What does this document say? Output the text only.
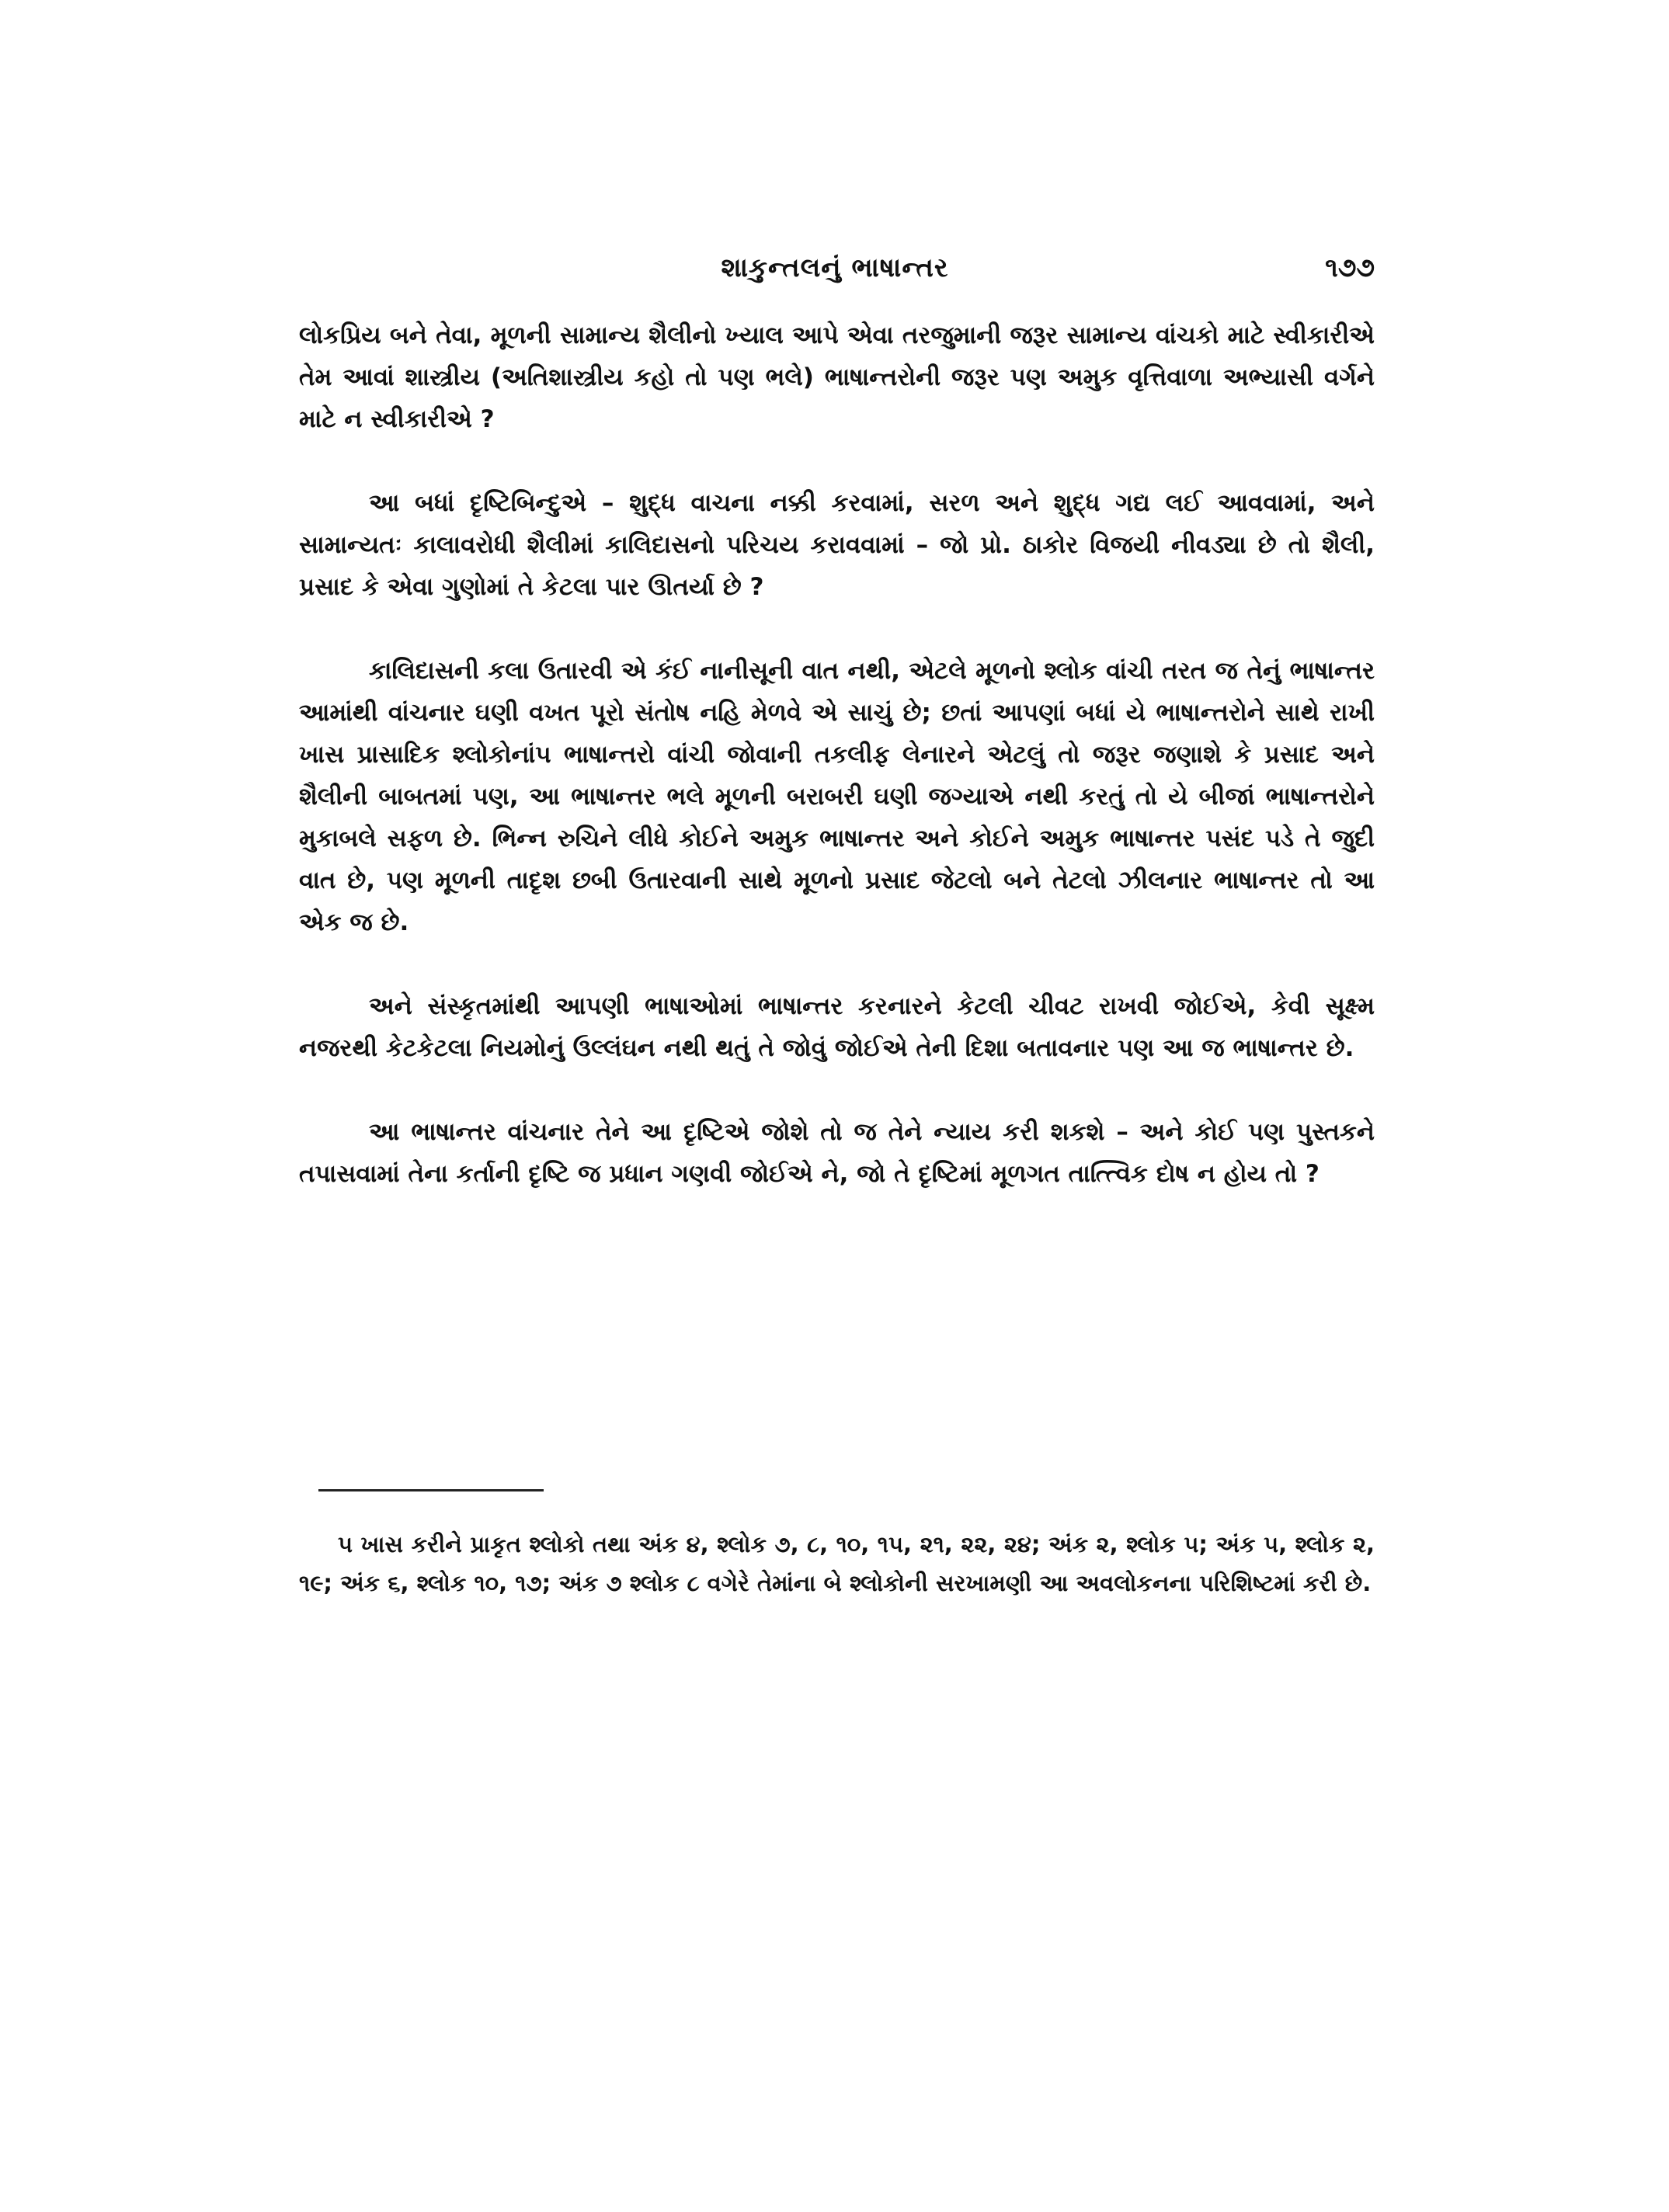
શાકુન્તલનું ભાષાન્તર	૧૭૭

લોકપ્રિય બને તેવા, મૂળની સામાન્ય શૈલીનો ખ્યાલ આપે એવા તરજુમાની જરૂર સામાન્ય વાંચકો માટે સ્વીકારીએ તેમ આવાં શાસ્ત્રીય (અતિશાસ્ત્રીય કહો તો પણ ભલે) ભાષાન્તરોની જરૂર પણ અમુક વૃત્તિવાળા અભ્યાસી વર્ગને માટે ન સ્વીકારીએ ?

આ બધાં દૃષ્ટિબિન્દુએ – શુદ્ધ વાચના નક્કી કરવામાં, સરળ અને શુદ્ધ ગદ્ય લઈ આવવામાં, અને સામાન્યતઃ કાલાવરોધી શૈલીમાં કાલિદાસનો પરિચય કરાવવામાં – જો પ્રો. ઠાકોર વિજયી નીવડ્યા છે તો શૈલી, પ્રસાદ કે એવા ગુણોમાં તે કેટલા પાર ઊતર્યા છે ?

કાલિદાસની કલા ઉતારવી એ કંઈ નાનીસૂની વાત નથી, એટલે મૂળનો શ્લોક વાંચી તરત જ તેનું ભાષાન્તર આમાંથી વાંચનાર ઘણી વખત પૂરો સંતોષ નહિ મેળવે એ સાચું છે; છતાં આપણાં બધાં યે ભાષાન્તરોને સાથે રાખી ખાસ પ્રાસાદિક શ્લોકોનાં૫ ભાષાન્તરો વાંચી જોવાની તકલીફ લેનારને એટલું તો જરૂર જણાશે કે પ્રસાદ અને શૈલીની બાબતમાં પણ, આ ભાષાન્તર ભલે મૂળની બરાબરી ઘણી જગ્યાએ નથી કરતું તો યે બીજાં ભાષાન્તરોને મુકાબલે સફળ છે. ભિન્ન રુચિને લીધે કોઈને અમુક ભાષાન્તર અને કોઈને અમુક ભાષાન્તર પસંદ પડે તે જુદી વાત છે, પણ મૂળની તાદૃશ છબી ઉતારવાની સાથે મૂળનો પ્રસાદ જેટલો બને તેટલો ઝીલનાર ભાષાન્તર તો આ એક જ છે.

અને સંસ્કૃતમાંથી આપણી ભાષાઓમાં ભાષાન્તર કરનારને કેટલી ચીવટ રાખવી જોઈએ, કેવી સૂક્ષ્મ નજરથી કેટકેટલા નિયમોનું ઉલ્લંઘન નથી થતું તે જોવું જોઈએ તેની દિશા બતાવનાર પણ આ જ ભાષાન્તર છે.

આ ભાષાન્તર વાંચનાર તેને આ દૃષ્ટિએ જોશે તો જ તેને ન્યાય કરી શકશે – અને કોઈ પણ પુસ્તકને તપાસવામાં તેના કર્તાની દૃષ્ટિ જ પ્રધાન ગણવી જોઈએ ને, જો તે દૃષ્ટિમાં મૂળગત તાત્ત્વિક દોષ ન હોય તો ?

૫ ખાસ કરીને પ્રાકૃત શ્લોકો તથા અંક ૪, શ્લોક ૭, ૮, ૧૦, ૧૫, ૨૧, ૨૨, ૨૪; અંક ૨, શ્લોક ૫; અંક ૫, શ્લોક ૨, ૧૯; અંક ૬, શ્લોક ૧૦, ૧૭; અંક ૭ શ્લોક ૮ વગેરે તેમાંના બે શ્લોકોની સરખામણી આ અવલોકનના પરિશિષ્ટમાં કરી છે.
